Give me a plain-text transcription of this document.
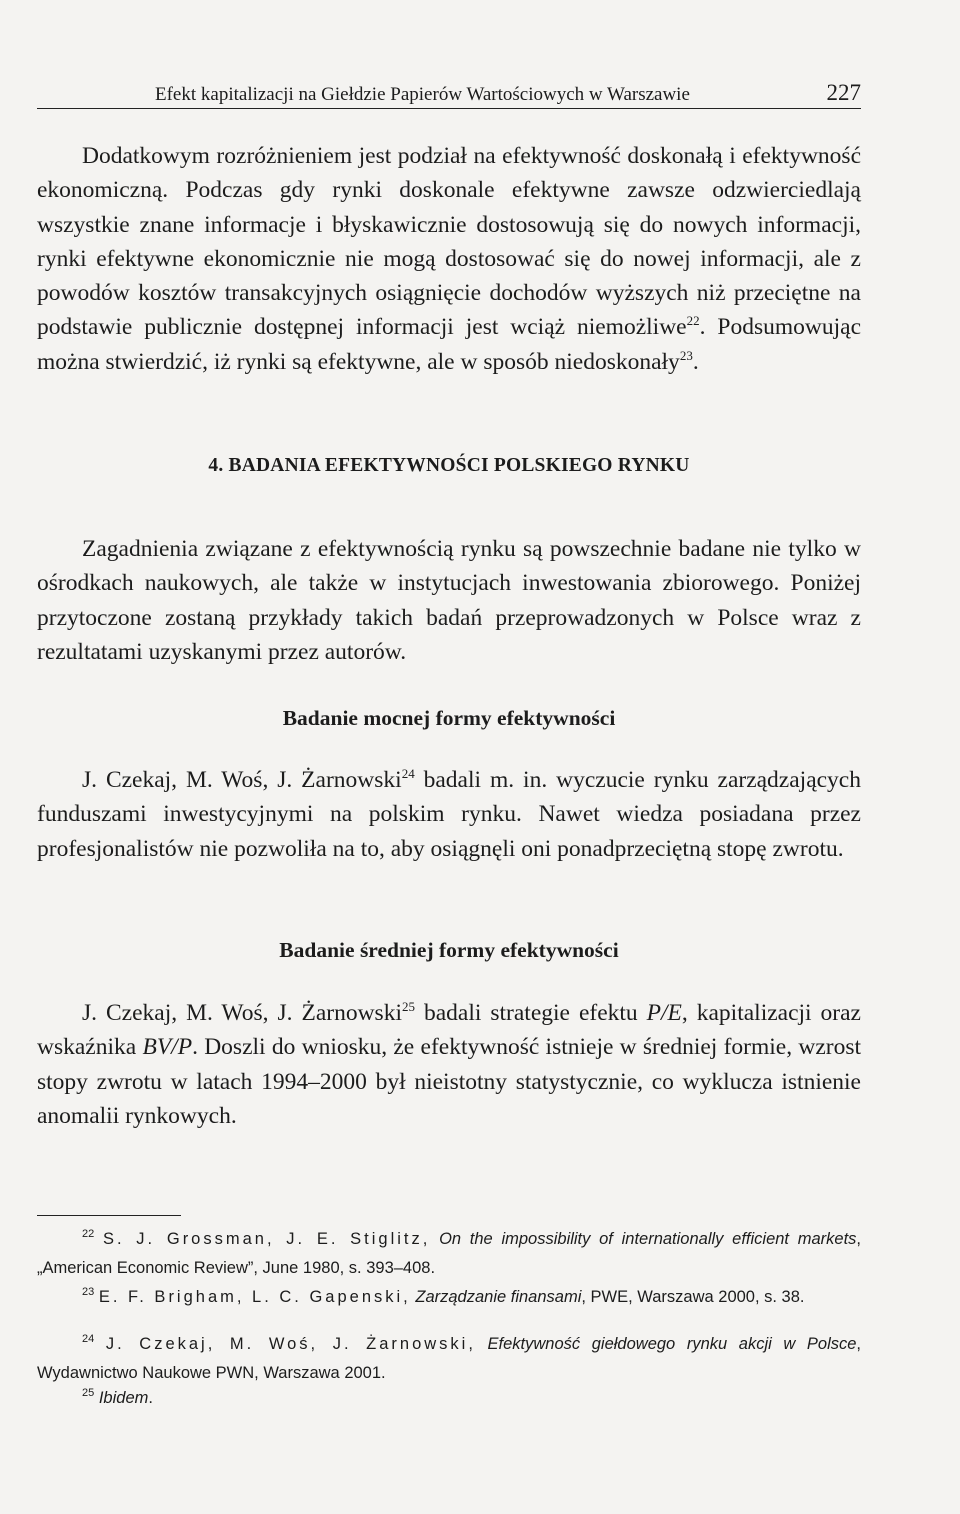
Efekt kapitalizacji na Giełdzie Papierów Wartościowych w Warszawie	227

Dodatkowym rozróżnieniem jest podział na efektywność doskonałą i efektywność ekonomiczną. Podczas gdy rynki doskonale efektywne zawsze odzwierciedlają wszystkie znane informacje i błyskawicznie dostosowują się do nowych informacji, rynki efektywne ekonomicznie nie mogą dostosować się do nowej informacji, ale z powodów kosztów transakcyjnych osiągnięcie dochodów wyższych niż przeciętne na podstawie publicznie dostępnej informacji jest wciąż niemożliwe$^{22}$. Podsumowując można stwierdzić, iż rynki są efektywne, ale w sposób niedoskonały$^{23}$.

4. BADANIA EFEKTYWNOŚCI POLSKIEGO RYNKU

Zagadnienia związane z efektywnością rynku są powszechnie badane nie tylko w ośrodkach naukowych, ale także w instytucjach inwestowania zbiorowego. Poniżej przytoczone zostaną przykłady takich badań przeprowadzonych w Polsce wraz z rezultatami uzyskanymi przez autorów.

Badanie mocnej formy efektywności

J. Czekaj, M. Woś, J. Żarnowski$^{24}$ badali m. in. wyczucie rynku zarządzających funduszami inwestycyjnymi na polskim rynku. Nawet wiedza posiadana przez profesjonalistów nie pozwoliła na to, aby osiągnęli oni ponadprzeciętną stopę zwrotu.

Badanie średniej formy efektywności

J. Czekaj, M. Woś, J. Żarnowski$^{25}$ badali strategie efektu P/E, kapitalizacji oraz wskaźnika BV/P. Doszli do wniosku, że efektywność istnieje w średniej formie, wzrost stopy zwrotu w latach 1994–2000 był nieistotny statystycznie, co wyklucza istnienie anomalii rynkowych.

$^{22}$ S. J. Grossman, J. E. Stiglitz, On the impossibility of internationally efficient markets, „American Economic Review”, June 1980, s. 393–408.

$^{23}$ E. F. Brigham, L. C. Gapenski, Zarządzanie finansami, PWE, Warszawa 2000, s. 38.

$^{24}$ J. Czekaj, M. Woś, J. Żarnowski, Efektywność giełdowego rynku akcji w Polsce, Wydawnictwo Naukowe PWN, Warszawa 2001.

$^{25}$ Ibidem.
